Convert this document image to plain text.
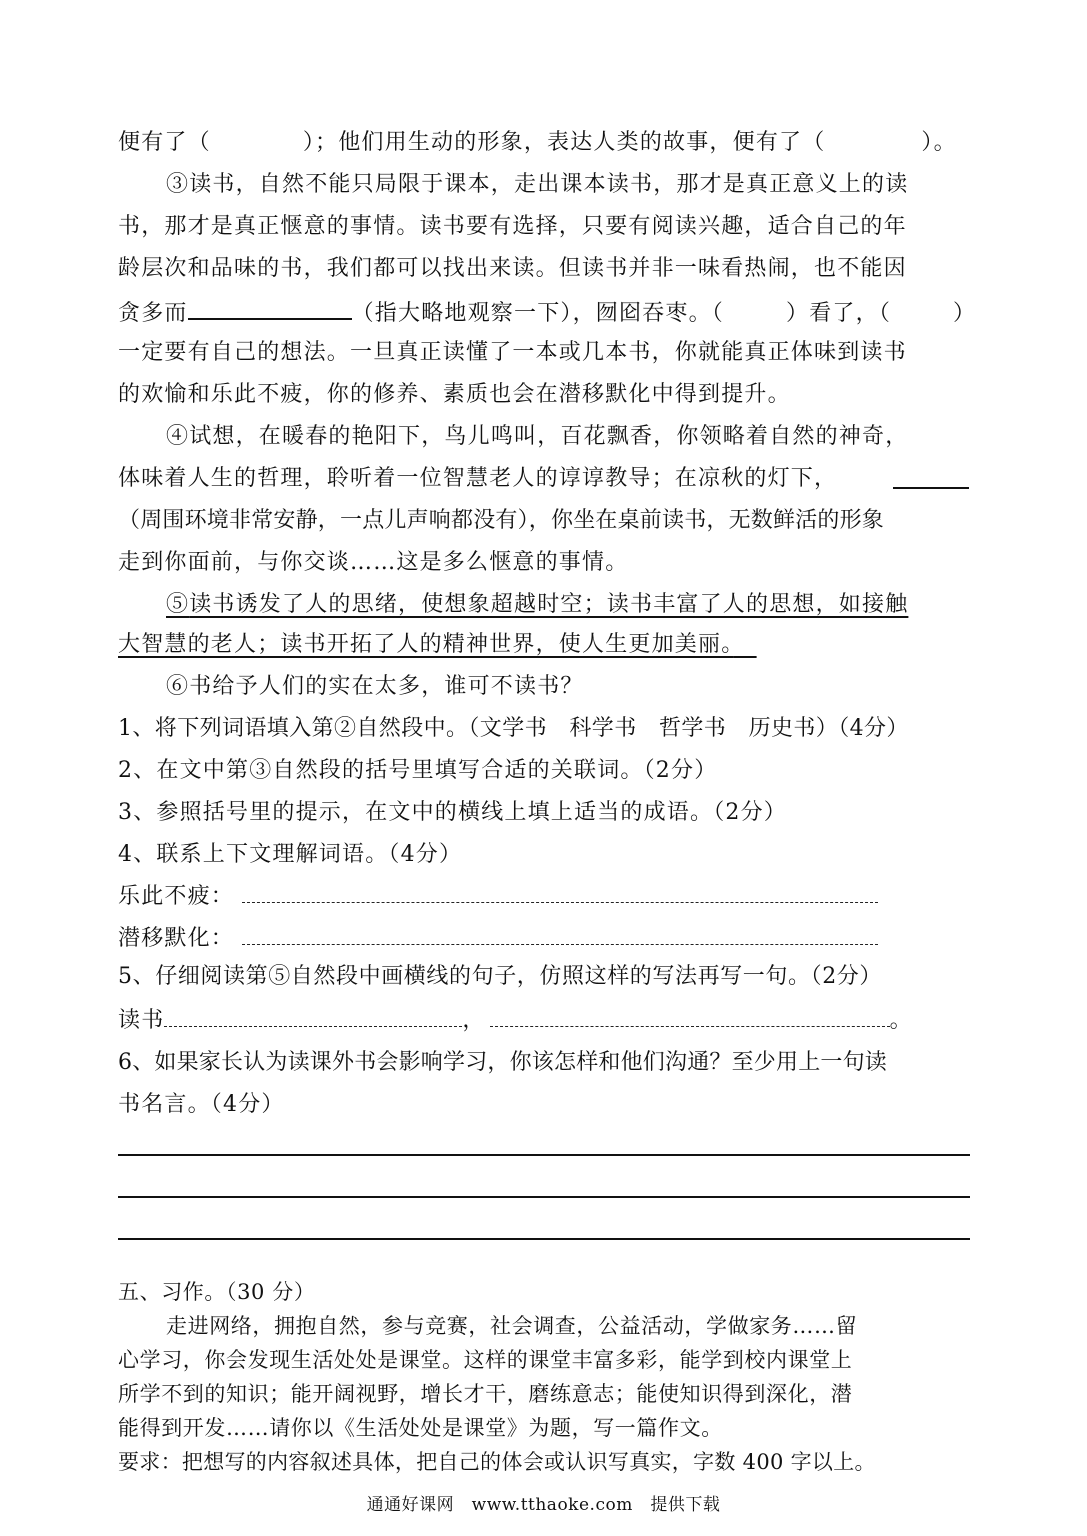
便有了（	）；他们用生动的形象，表达人类的故事，便有了（	）。
③读书，自然不能只局限于课本，走出课本读书，那才是真正意义上的读
书，那才是真正惬意的事情。读书要有选择，只要有阅读兴趣，适合自己的年
龄层次和品味的书，我们都可以找出来读。但读书并非一味看热闹，也不能因
贪多而	（指大略地观察一下），囫囵吞枣。（	）看了，（	）
一定要有自己的想法。一旦真正读懂了一本或几本书，你就能真正体味到读书
的欢愉和乐此不疲，你的修养、素质也会在潜移默化中得到提升。
④试想，在暖春的艳阳下，鸟儿鸣叫，百花飘香，你领略着自然的神奇，
体味着人生的哲理，聆听着一位智慧老人的谆谆教导；在凉秋的灯下，
（周围环境非常安静，一点儿声响都没有），你坐在桌前读书，无数鲜活的形象
走到你面前，与你交谈……这是多么惬意的事情。
⑤读书诱发了人的思绪，使想象超越时空；读书丰富了人的思想，如接触
大智慧的老人；读书开拓了人的精神世界，使人生更加美丽。　
⑥书给予人们的实在太多，谁可不读书？
1、将下列词语填入第②自然段中。（文学书　科学书　哲学书　历史书）（4分）
2、在文中第③自然段的括号里填写合适的关联词。（2分）
3、参照括号里的提示，在文中的横线上填上适当的成语。（2分）
4、联系上下文理解词语。（4分）
乐此不疲：
潜移默化：
5、仔细阅读第⑤自然段中画横线的句子，仿照这样的写法再写一句。（2分）
读书	，	。
6、如果家长认为读课外书会影响学习，你该怎样和他们沟通？至少用上一句读
书名言。（4分）
五、习作。（30 分）
走进网络，拥抱自然，参与竞赛，社会调查，公益活动，学做家务……留
心学习，你会发现生活处处是课堂。这样的课堂丰富多彩，能学到校内课堂上
所学不到的知识；能开阔视野，增长才干，磨练意志；能使知识得到深化，潜
能得到开发……请你以《生活处处是课堂》为题，写一篇作文。
要求：把想写的内容叙述具体，把自己的体会或认识写真实，字数 400 字以上。
通通好课网　www.tthaoke.com　提供下载
